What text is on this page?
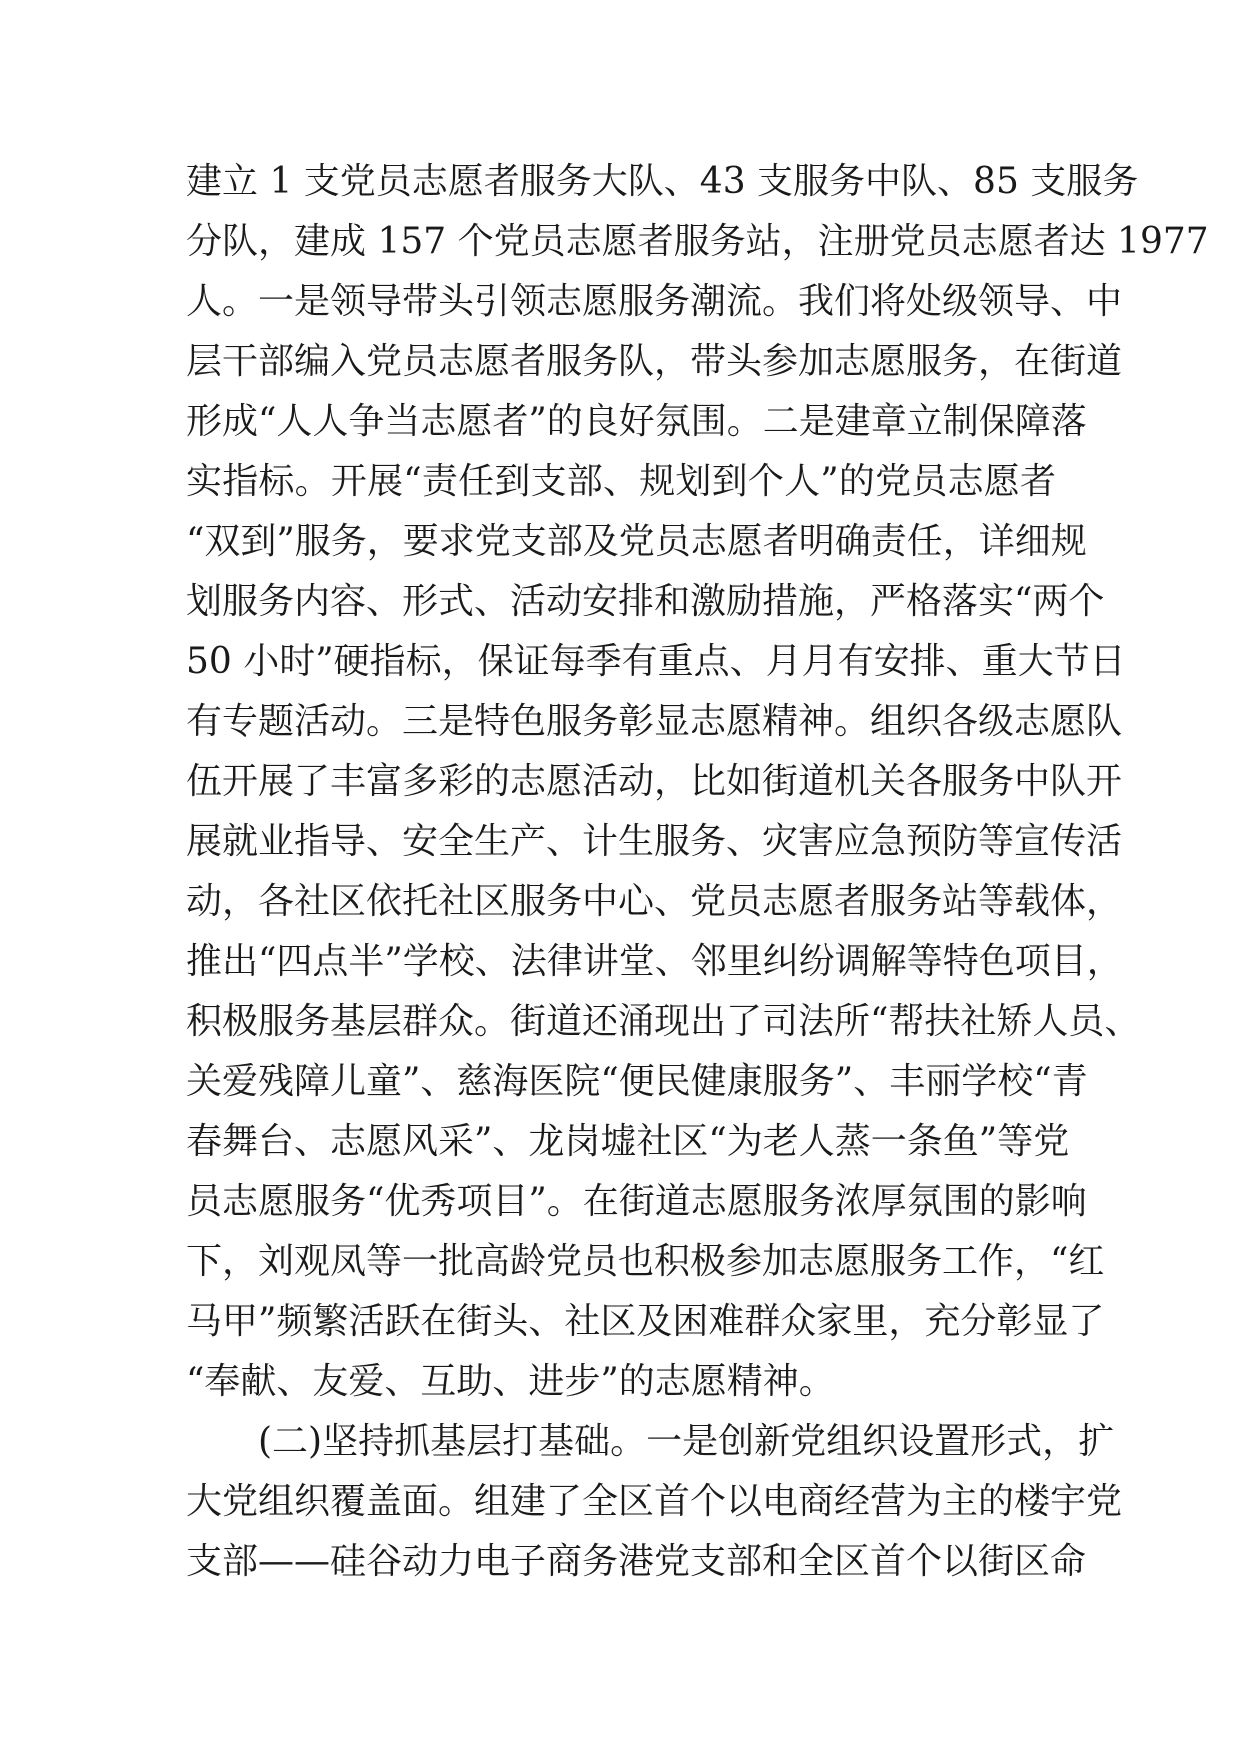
建立 1 支党员志愿者服务大队、43 支服务中队、85 支服务
分队，建成 157 个党员志愿者服务站，注册党员志愿者达 1977
人。一是领导带头引领志愿服务潮流。我们将处级领导、中
层干部编入党员志愿者服务队，带头参加志愿服务，在街道
形成“人人争当志愿者”的良好氛围。二是建章立制保障落
实指标。开展“责任到支部、规划到个人”的党员志愿者
“双到”服务，要求党支部及党员志愿者明确责任，详细规
划服务内容、形式、活动安排和激励措施，严格落实“两个
50 小时”硬指标，保证每季有重点、月月有安排、重大节日
有专题活动。三是特色服务彰显志愿精神。组织各级志愿队
伍开展了丰富多彩的志愿活动，比如街道机关各服务中队开
展就业指导、安全生产、计生服务、灾害应急预防等宣传活
动，各社区依托社区服务中心、党员志愿者服务站等载体，
推出“四点半”学校、法律讲堂、邻里纠纷调解等特色项目，
积极服务基层群众。街道还涌现出了司法所“帮扶社矫人员、
关爱残障儿童”、慈海医院“便民健康服务”、丰丽学校“青
春舞台、志愿风采”、龙岗墟社区“为老人蒸一条鱼”等党
员志愿服务“优秀项目”。在街道志愿服务浓厚氛围的影响
下，刘观凤等一批高龄党员也积极参加志愿服务工作，“红
马甲”频繁活跃在街头、社区及困难群众家里，充分彰显了
“奉献、友爱、互助、进步”的志愿精神。
(二)坚持抓基层打基础。一是创新党组织设置形式，扩
大党组织覆盖面。组建了全区首个以电商经营为主的楼宇党
支部——硅谷动力电子商务港党支部和全区首个以街区命
